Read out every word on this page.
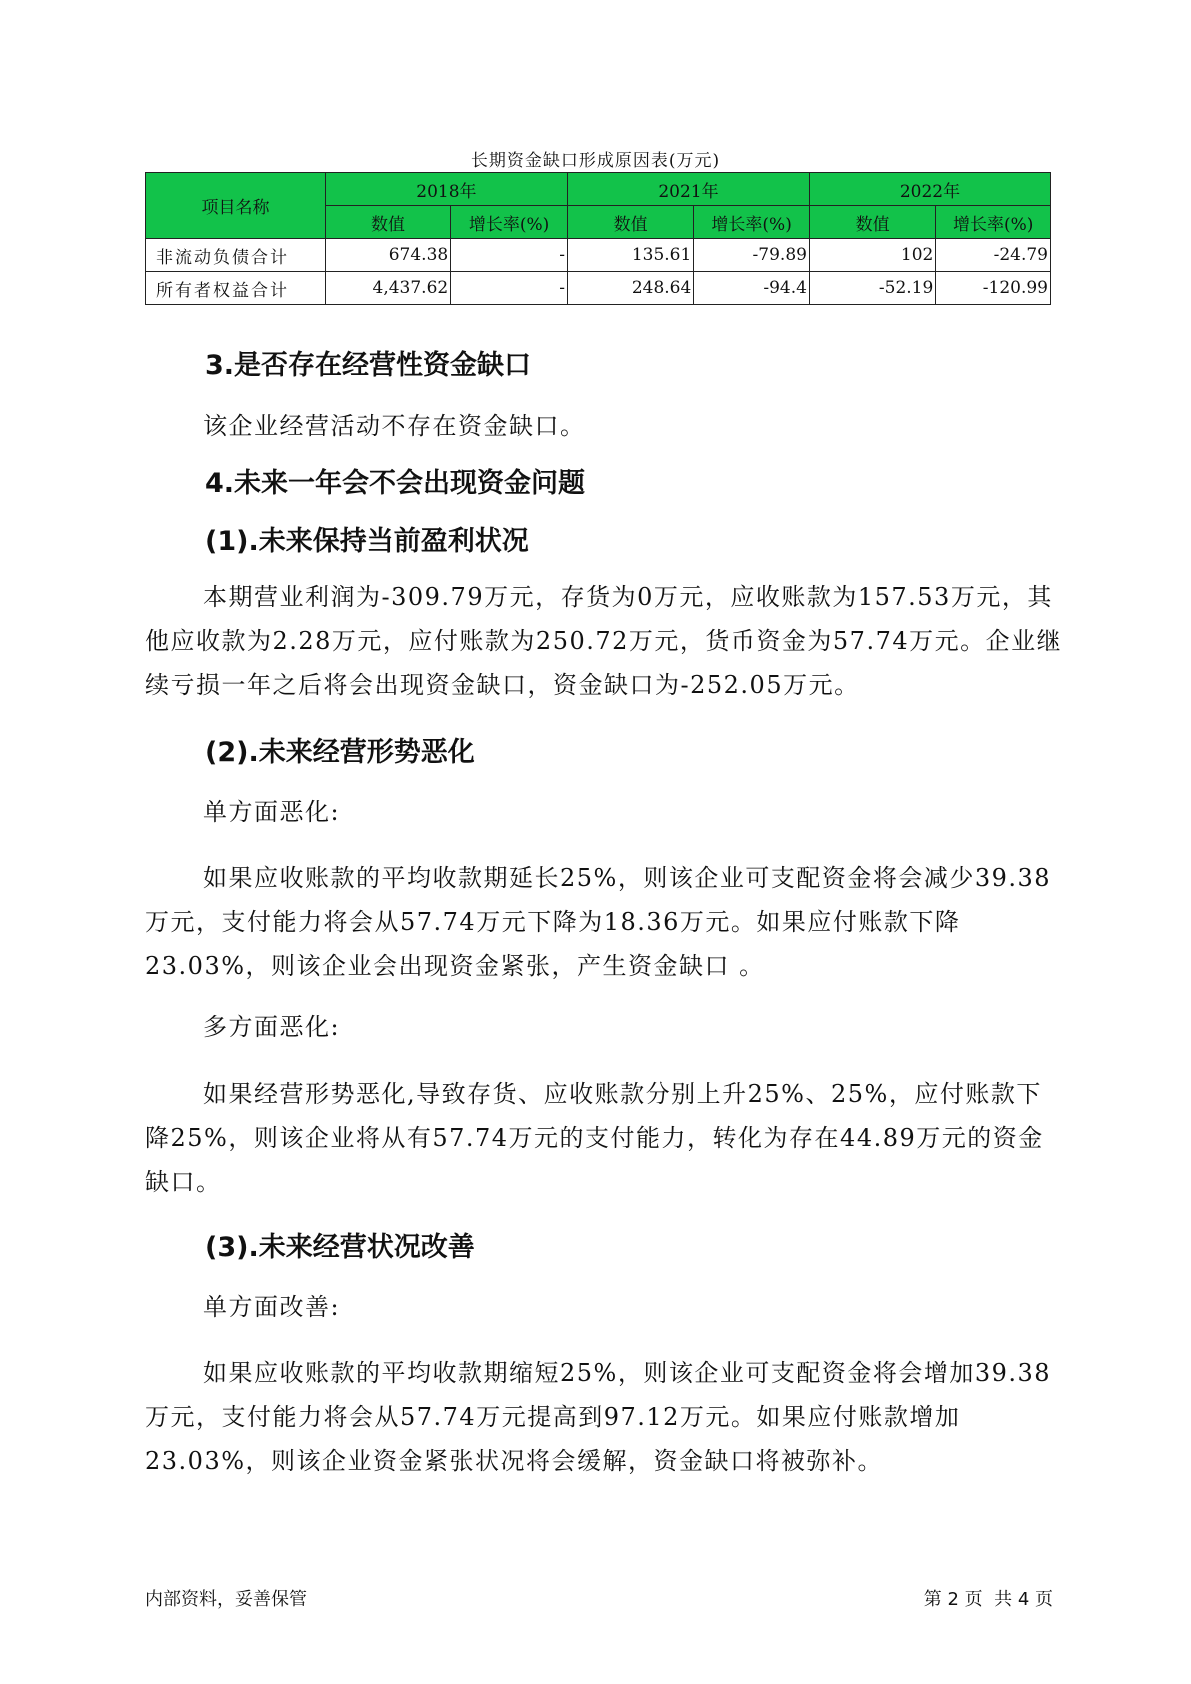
长期资金缺口形成原因表(万元)
项目名称	2018年		2021年		2022年	
	数值	增长率(%)	数值	增长率(%)	数值	增长率(%)
非流动负债合计	674.38	-	135.61	-79.89	102	-24.79
所有者权益合计	4,437.62	-	248.64	-94.4	-52.19	-120.99
3.是否存在经营性资金缺口

该企业经营活动不存在资金缺口。

4.未来一年会不会出现资金问题
(1).未来保持当前盈利状况

本期营业利润为-309.79万元，存货为0万元，应收账款为157.53万元，其他应收款为2.28万元，应付账款为250.72万元，货币资金为57.74万元。企业继续亏损一年之后将会出现资金缺口，资金缺口为-252.05万元。

(2).未来经营形势恶化

单方面恶化:

如果应收账款的平均收款期延长25%，则该企业可支配资金将会减少39.38万元，支付能力将会从57.74万元下降为18.36万元。如果应付账款下降23.03%，则该企业会出现资金紧张，产生资金缺口 。

多方面恶化:

如果经营形势恶化,导致存货、应收账款分别上升25%、25%，应付账款下降25%，则该企业将从有57.74万元的支付能力，转化为存在44.89万元的资金缺口。

(3).未来经营状况改善

单方面改善:

如果应收账款的平均收款期缩短25%，则该企业可支配资金将会增加39.38万元，支付能力将会从57.74万元提高到97.12万元。如果应付账款增加23.03%，则该企业资金紧张状况将会缓解，资金缺口将被弥补。

内部资料，妥善保管	第 2 页  共 4 页
